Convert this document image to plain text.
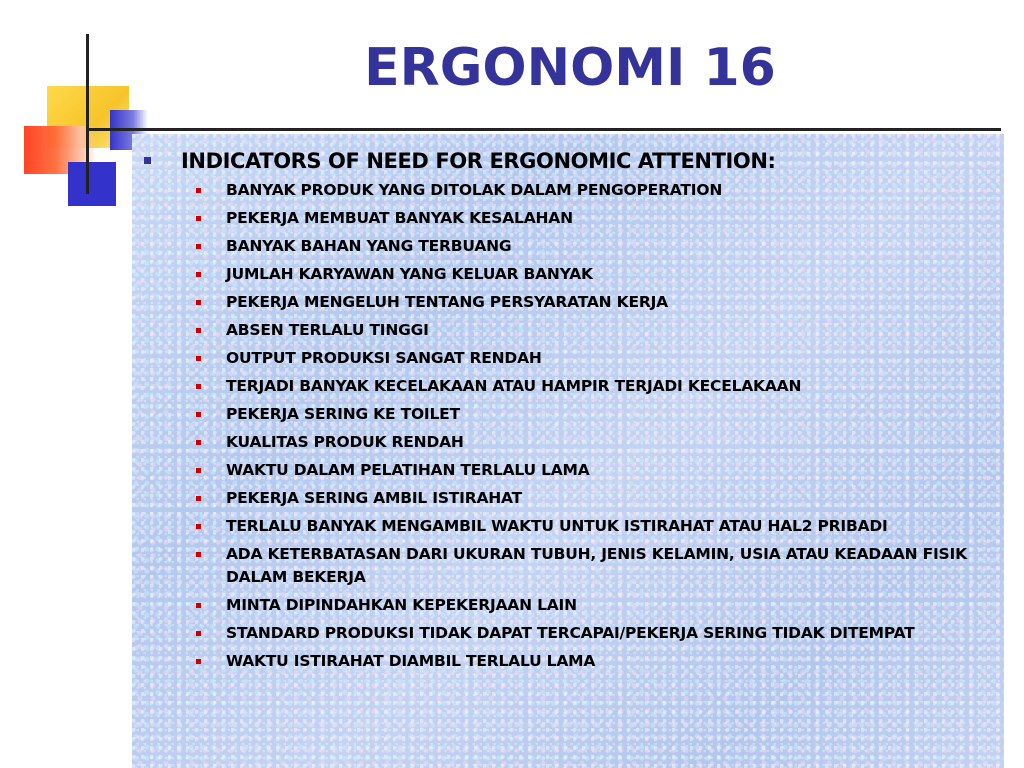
ERGONOMI 16
INDICATORS OF NEED FOR ERGONOMIC ATTENTION:
BANYAK PRODUK YANG DITOLAK DALAM PENGOPERATION
PEKERJA MEMBUAT BANYAK KESALAHAN
BANYAK BAHAN YANG TERBUANG
JUMLAH KARYAWAN YANG KELUAR BANYAK
PEKERJA MENGELUH TENTANG PERSYARATAN KERJA
ABSEN TERLALU TINGGI
OUTPUT PRODUKSI SANGAT RENDAH
TERJADI BANYAK KECELAKAAN ATAU HAMPIR TERJADI KECELAKAAN
PEKERJA SERING KE TOILET
KUALITAS PRODUK RENDAH
WAKTU DALAM PELATIHAN TERLALU LAMA
PEKERJA SERING AMBIL ISTIRAHAT
TERLALU BANYAK MENGAMBIL WAKTU UNTUK ISTIRAHAT ATAU HAL2 PRIBADI
ADA KETERBATASAN DARI UKURAN TUBUH, JENIS KELAMIN, USIA ATAU KEADAAN FISIK DALAM BEKERJA
MINTA DIPINDAHKAN KEPEKERJAAN LAIN
STANDARD PRODUKSI TIDAK DAPAT TERCAPAI/PEKERJA SERING TIDAK DITEMPAT
WAKTU ISTIRAHAT DIAMBIL TERLALU LAMA
